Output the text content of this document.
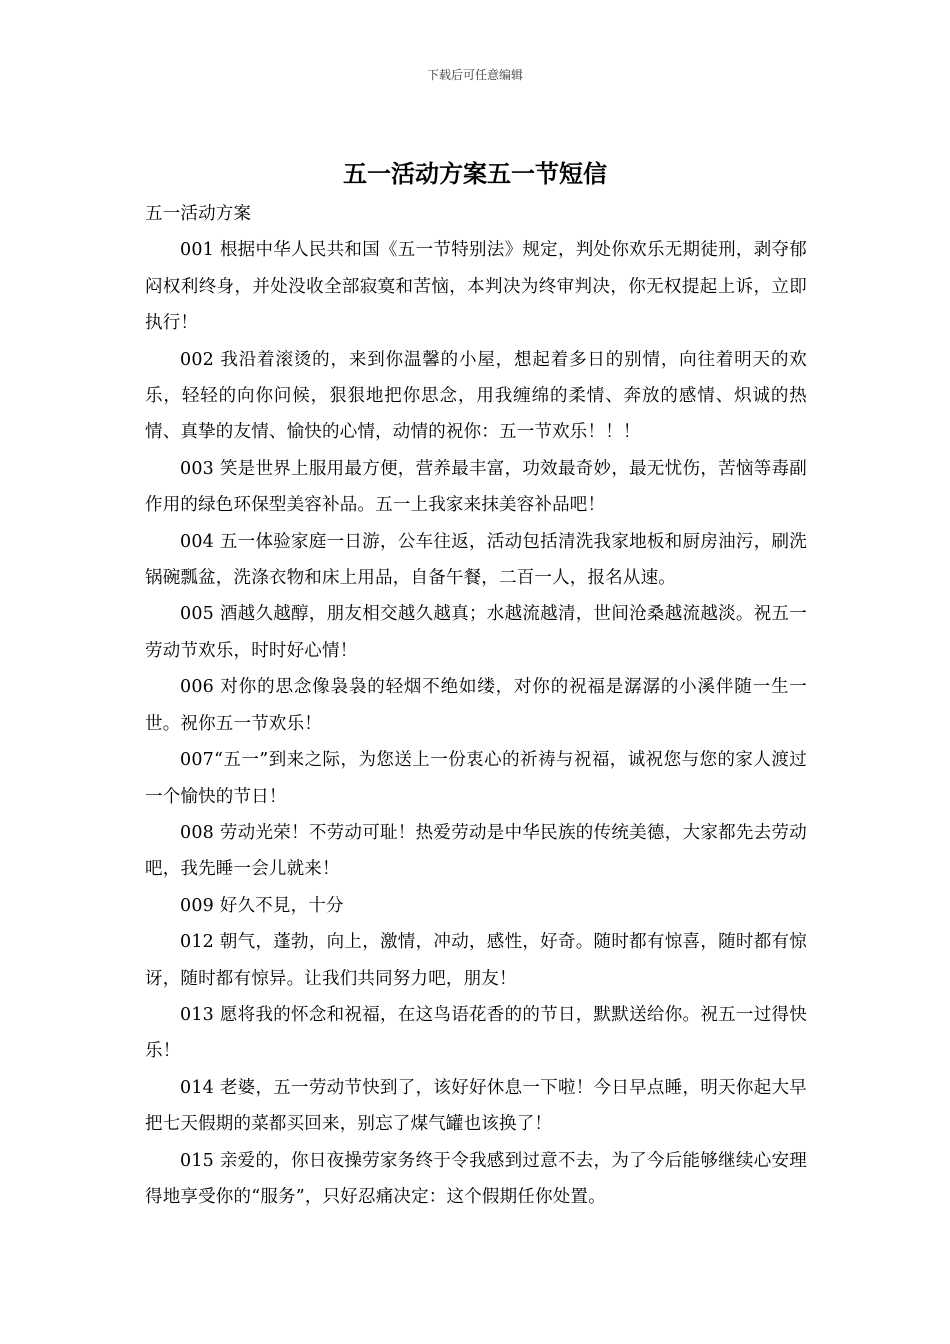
下载后可任意编辑
五一活动方案五一节短信

五一活动方案

001 根据中华人民共和国《五一节特别法》规定，判处你欢乐无期徒刑，剥夺郁闷权利终身，并处没收全部寂寞和苦恼，本判决为终审判决，你无权提起上诉，立即执行！

002 我沿着滚烫的，来到你温馨的小屋，想起着多日的别情，向往着明天的欢乐，轻轻的向你问候，狠狠地把你思念，用我缠绵的柔情、奔放的感情、炽诚的热情、真挚的友情、愉快的心情，动情的祝你：五一节欢乐！！！

003 笑是世界上服用最方便，营养最丰富，功效最奇妙，最无忧伤，苦恼等毒副作用的绿色环保型美容补品。五一上我家来抹美容补品吧！

004 五一体验家庭一日游，公车往返，活动包括清洗我家地板和厨房油污，刷洗锅碗瓢盆，洗涤衣物和床上用品，自备午餐，二百一人，报名从速。

005 酒越久越醇，朋友相交越久越真；水越流越清，世间沧桑越流越淡。祝五一劳动节欢乐，时时好心情！

006 对你的思念像袅袅的轻烟不绝如缕，对你的祝福是潺潺的小溪伴随一生一世。祝你五一节欢乐！

007“五一”到来之际，为您送上一份衷心的祈祷与祝福，诚祝您与您的家人渡过一个愉快的节日！

008 劳动光荣！不劳动可耻！热爱劳动是中华民族的传统美德，大家都先去劳动吧，我先睡一会儿就来！

009 好久不見，十分

012 朝气，蓬勃，向上，激情，冲动，感性，好奇。随时都有惊喜，随时都有惊讶，随时都有惊异。让我们共同努力吧，朋友！

013 愿将我的怀念和祝福，在这鸟语花香的的节日，默默送给你。祝五一过得快乐！

014 老婆，五一劳动节快到了，该好好休息一下啦！今日早点睡，明天你起大早把七天假期的菜都买回来，别忘了煤气罐也该换了！

015 亲爱的，你日夜操劳家务终于令我感到过意不去，为了今后能够继续心安理得地享受你的“服务”，只好忍痛决定：这个假期任你处置。
